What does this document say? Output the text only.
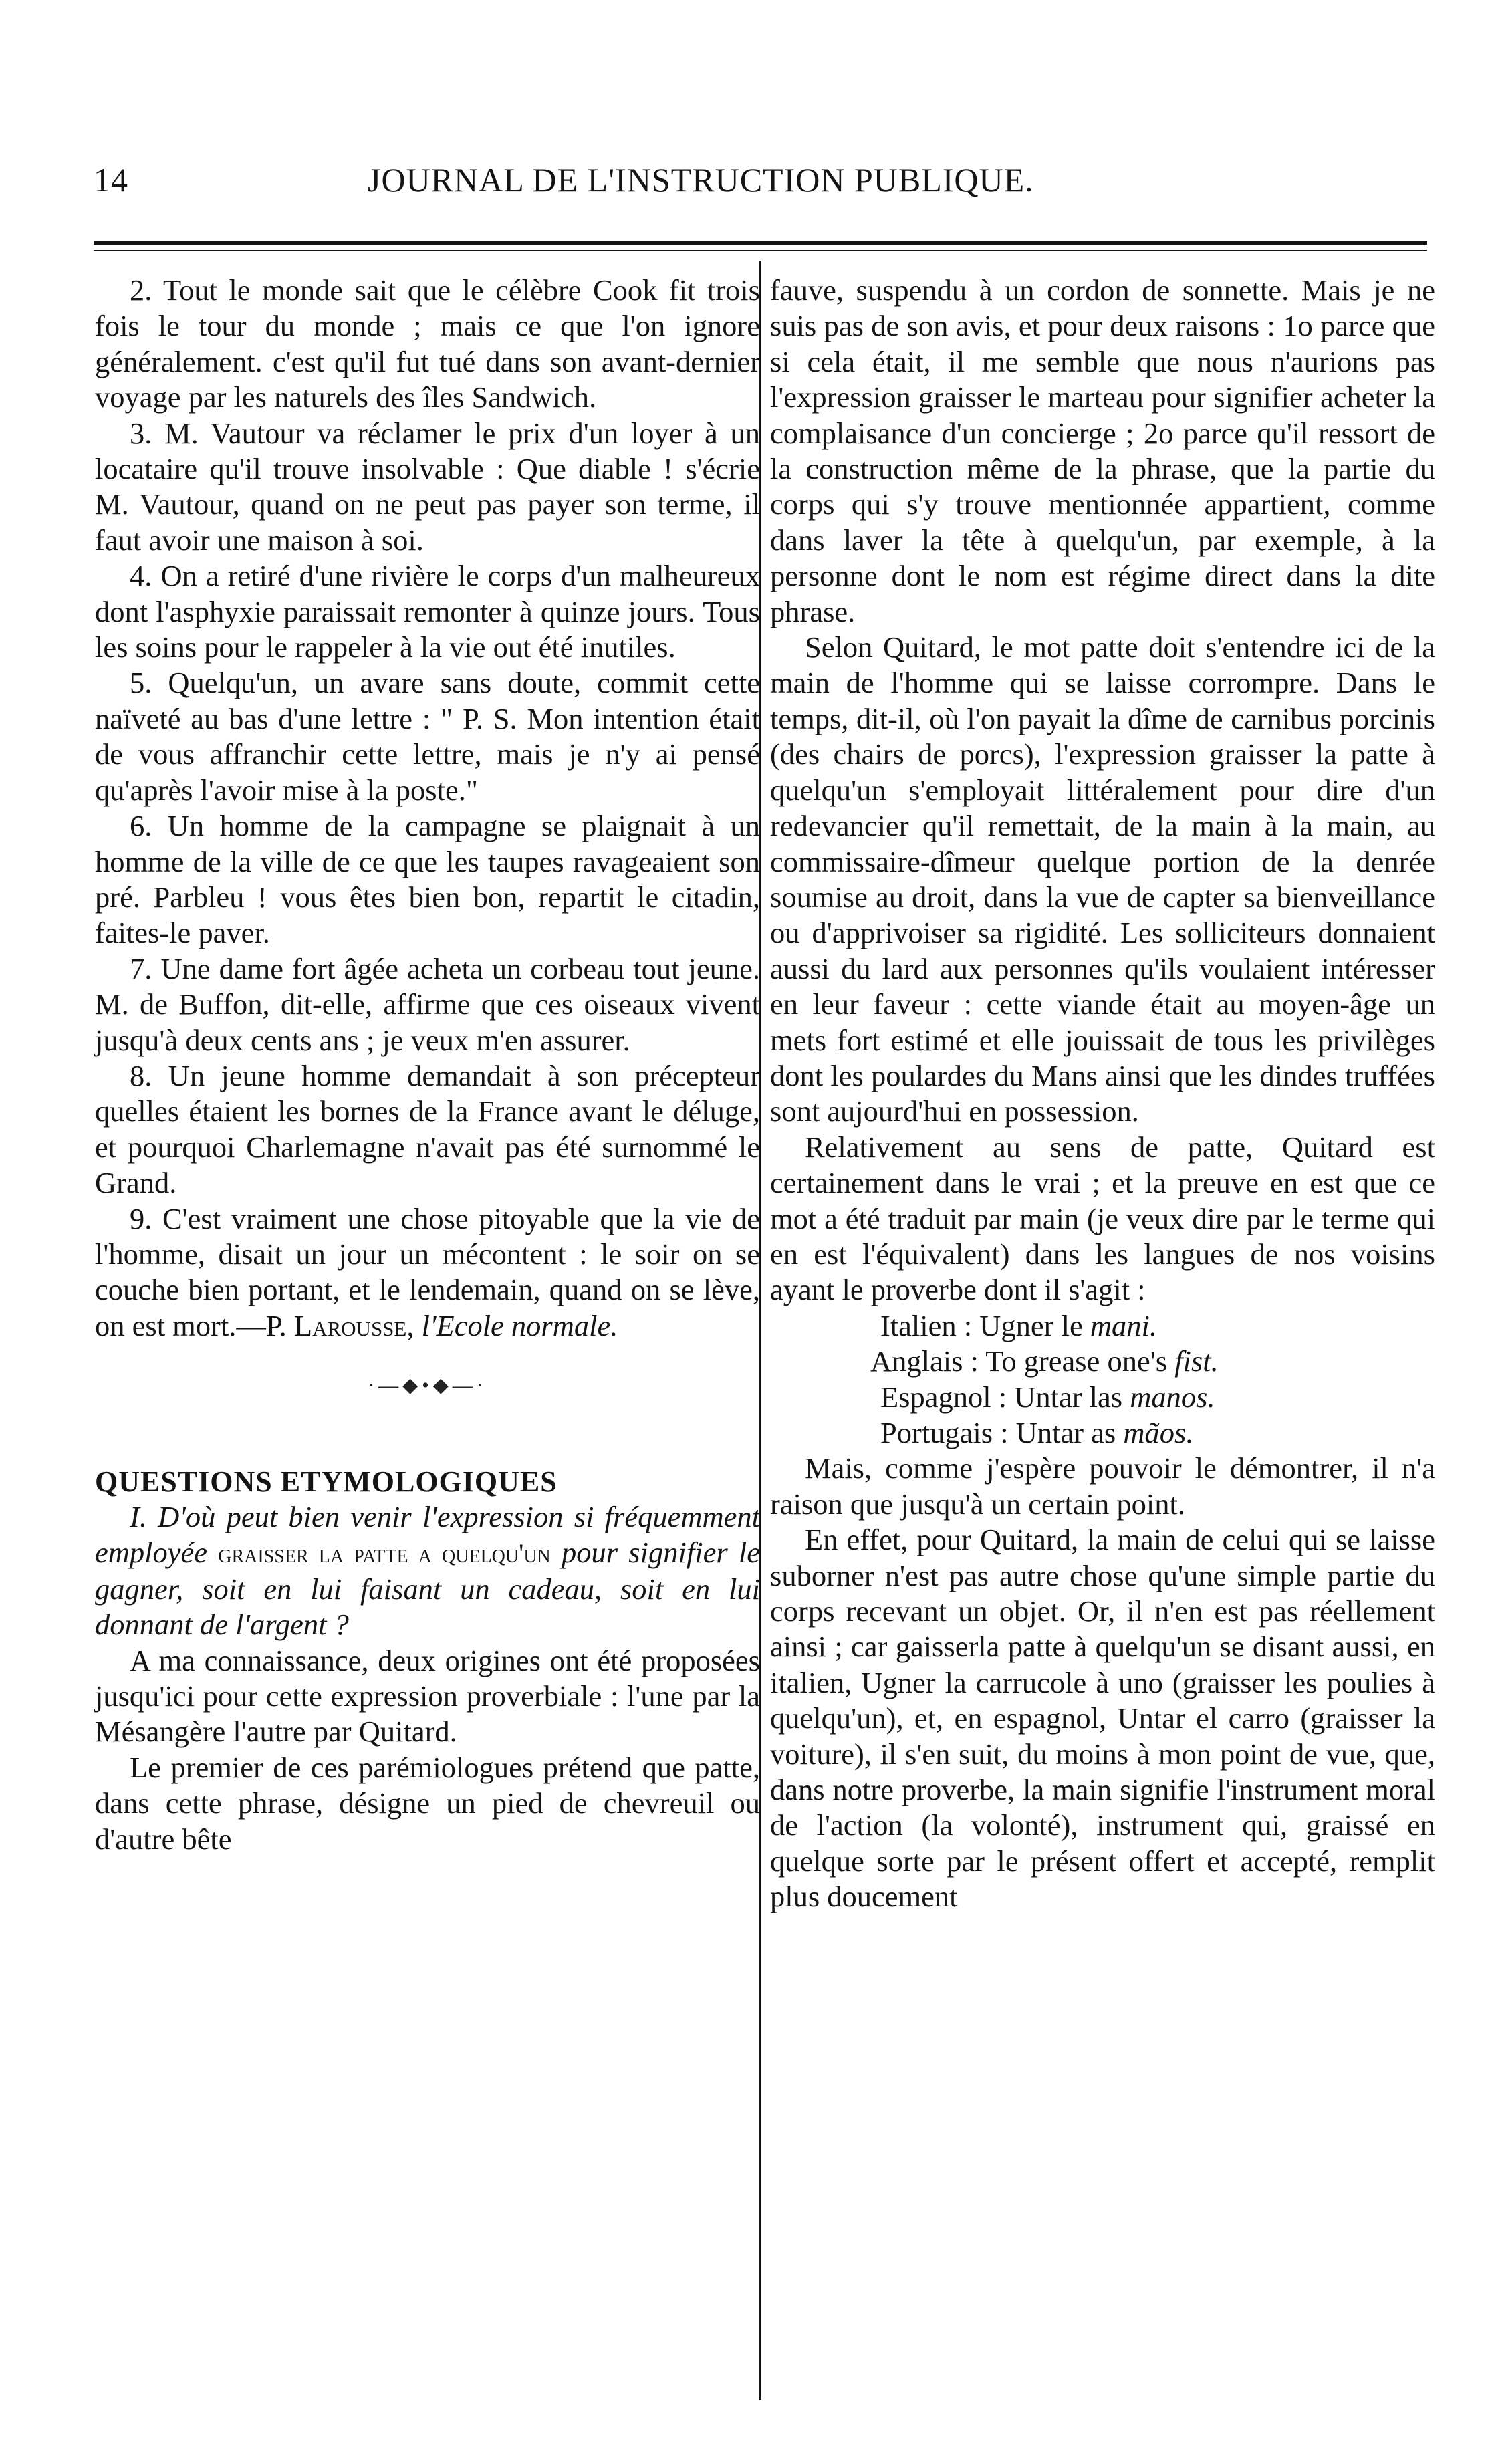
14	JOURNAL DE L'INSTRUCTION PUBLIQUE.

2. Tout le monde sait que le célèbre Cook fit trois fois le tour du monde ; mais ce que l'on ignore généralement. c'est qu'il fut tué dans son avant-dernier voyage par les naturels des îles Sandwich.

3. M. Vautour va réclamer le prix d'un loyer à un locataire qu'il trouve insolvable : Que diable ! s'écrie M. Vautour, quand on ne peut pas payer son terme, il faut avoir une maison à soi.

4. On a retiré d'une rivière le corps d'un malheureux dont l'asphyxie paraissait remonter à quinze jours. Tous les soins pour le rappeler à la vie out été inutiles.

5. Quelqu'un, un avare sans doute, commit cette naïveté au bas d'une lettre : " P. S. Mon intention était de vous affranchir cette lettre, mais je n'y ai pensé qu'après l'avoir mise à la poste."

6. Un homme de la campagne se plaignait à un homme de la ville de ce que les taupes ravageaient son pré. Parbleu ! vous êtes bien bon, repartit le citadin, faites-le paver.

7. Une dame fort âgée acheta un corbeau tout jeune. M. de Buffon, dit-elle, affirme que ces oiseaux vivent jusqu'à deux cents ans ; je veux m'en assurer.

8. Un jeune homme demandait à son précepteur quelles étaient les bornes de la France avant le déluge, et pourquoi Charlemagne n'avait pas été surnommé le Grand.

9. C'est vraiment une chose pitoyable que la vie de l'homme, disait un jour un mécontent : le soir on se couche bien portant, et le lendemain, quand on se lève, on est mort.—P. Larousse, l'Ecole normale.

·—◆•◆—·

QUESTIONS ETYMOLOGIQUES

I. D'où peut bien venir l'expression si fréquemment employée graisser la patte a quelqu'un pour signifier le gagner, soit en lui faisant un cadeau, soit en lui donnant de l'argent ?

A ma connaissance, deux origines ont été proposées jusqu'ici pour cette expression proverbiale : l'une par la Mésangère l'autre par Quitard.

Le premier de ces parémiologues prétend que patte, dans cette phrase, désigne un pied de chevreuil ou d'autre bête

fauve, suspendu à un cordon de sonnette. Mais je ne suis pas de son avis, et pour deux raisons : 1o parce que si cela était, il me semble que nous n'aurions pas l'expression graisser le marteau pour signifier acheter la complaisance d'un concierge ; 2o parce qu'il ressort de la construction même de la phrase, que la partie du corps qui s'y trouve mentionnée appartient, comme dans laver la tête à quelqu'un, par exemple, à la personne dont le nom est régime direct dans la dite phrase.

Selon Quitard, le mot patte doit s'entendre ici de la main de l'homme qui se laisse corrompre. Dans le temps, dit-il, où l'on payait la dîme de carnibus porcinis (des chairs de porcs), l'expression graisser la patte à quelqu'un s'employait littéralement pour dire d'un redevancier qu'il remettait, de la main à la main, au commissaire-dîmeur quelque portion de la denrée soumise au droit, dans la vue de capter sa bienveillance ou d'apprivoiser sa rigidité. Les solliciteurs donnaient aussi du lard aux personnes qu'ils voulaient intéresser en leur faveur : cette viande était au moyen-âge un mets fort estimé et elle jouissait de tous les privilèges dont les poulardes du Mans ainsi que les dindes truffées sont aujourd'hui en possession.

Relativement au sens de patte, Quitard est certainement dans le vrai ; et la preuve en est que ce mot a été traduit par main (je veux dire par le terme qui en est l'équivalent) dans les langues de nos voisins ayant le proverbe dont il s'agit :

Italien : Ugner le mani.
Anglais : To grease one's fist.
Espagnol : Untar las manos.
Portugais : Untar as mãos.

Mais, comme j'espère pouvoir le démontrer, il n'a raison que jusqu'à un certain point.

En effet, pour Quitard, la main de celui qui se laisse suborner n'est pas autre chose qu'une simple partie du corps recevant un objet. Or, il n'en est pas réellement ainsi ; car gaisserla patte à quelqu'un se disant aussi, en italien, Ugner la carrucole à uno (graisser les poulies à quelqu'un), et, en espagnol, Untar el carro (graisser la voiture), il s'en suit, du moins à mon point de vue, que, dans notre proverbe, la main signifie l'instrument moral de l'action (la volonté), instrument qui, graissé en quelque sorte par le présent offert et accepté, remplit plus doucement
